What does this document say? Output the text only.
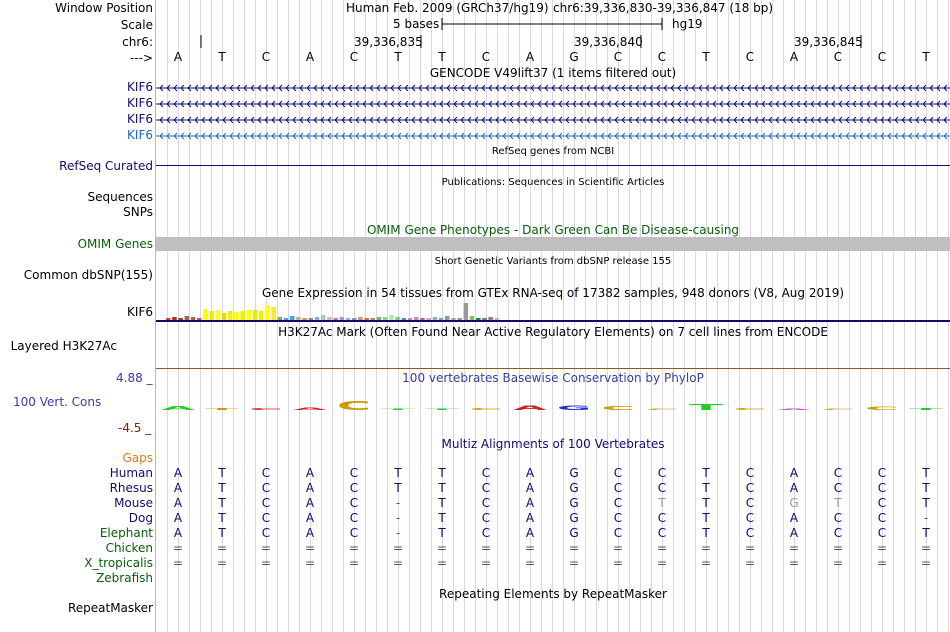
Window Position	Human Feb. 2009 (GRCh37/hg19) chr6:39,336,830-39,336,847 (18 bp)
Scale	5 bases	hg19
chr6:	39,336,835	39,336,840	39,336,845
--->	A	T	C	A	C	T	T	C	A	G	C	C	T	C	A	C	C	T
GENCODE V49lift37 (1 items filtered out)
KIF6
KIF6
KIF6
KIF6
RefSeq genes from NCBI
RefSeq Curated
Publications: Sequences in Scientific Articles
Sequences
SNPs
OMIM Gene Phenotypes - Dark Green Can Be Disease-causing
OMIM Genes
Short Genetic Variants from dbSNP release 155
Common dbSNP(155)
Gene Expression in 54 tissues from GTEx RNA-seq of 17382 samples, 948 donors (V8, Aug 2019)
KIF6
H3K27Ac Mark (Often Found Near Active Regulatory Elements) on 7 cell lines from ENCODE
Layered H3K27Ac
100 vertebrates Basewise Conservation by PhyloP
4.88 _
100 Vert. Cons
-4.5 _
A T C A C T T C A G C C T C A C C T
Multiz Alignments of 100 Vertebrates
Gaps
Human	A	T	C	A	C	T	T	C	A	G	C	C	T	C	A	C	C	T
Rhesus	A	T	C	A	C	T	T	C	A	G	C	C	T	C	A	C	C	T
Mouse	A	T	C	A	C	-	T	C	A	G	C	T	T	C	G	T	C	T
Dog	A	T	C	A	C	-	T	C	A	G	C	C	T	C	A	C	C	-
Elephant	A	T	C	A	C	-	T	C	A	G	C	C	T	C	A	C	C	T
Chicken	=	=	=	=	=	=	=	=	=	=	=	=	=	=	=	=	=	=
X_tropicalis	=	=	=	=	=	=	=	=	=	=	=	=	=	=	=	=	=	=
Zebrafish
Repeating Elements by RepeatMasker
RepeatMasker
